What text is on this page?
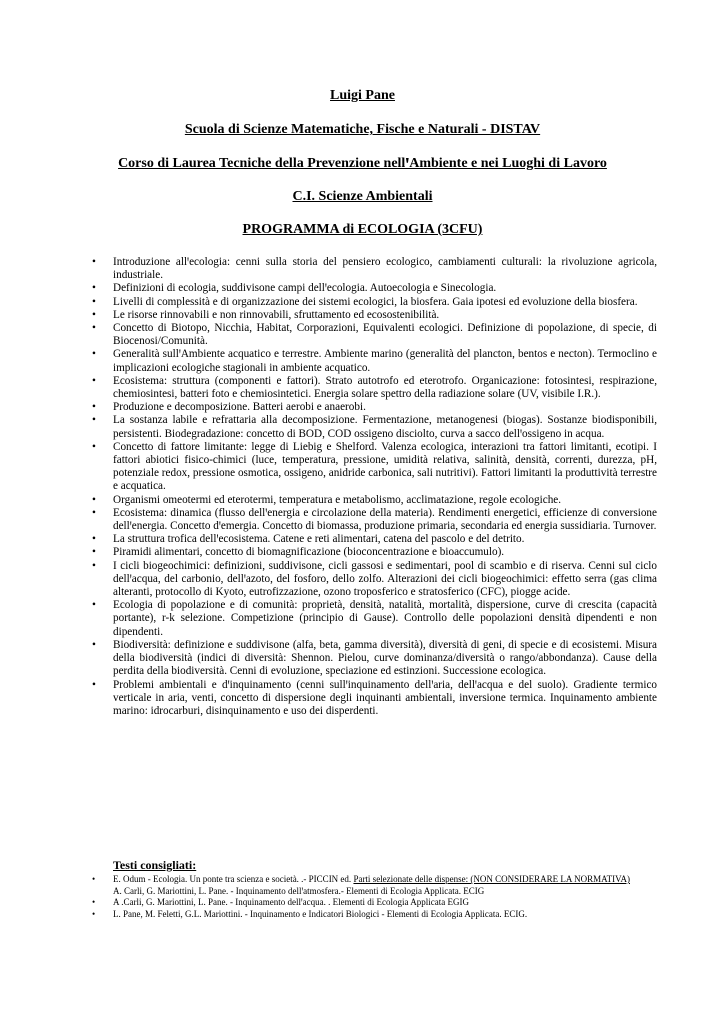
Luigi Pane
Scuola di Scienze Matematiche, Fische e Naturali - DISTAV
Corso di Laurea Tecniche della Prevenzione nellꞌAmbiente e nei Luoghi di Lavoro
C.I. Scienze Ambientali
PROGRAMMA di ECOLOGIA (3CFU)
• Introduzione allꞌecologia: cenni sulla storia del pensiero ecologico, cambiamenti culturali: la rivoluzione agricola, industriale.
• Definizioni di ecologia, suddivisone campi dellꞌecologia. Autoecologia e Sinecologia.
• Livelli di complessità e di organizzazione dei sistemi ecologici, la biosfera. Gaia ipotesi ed evoluzione della biosfera.
• Le risorse rinnovabili e non rinnovabili, sfruttamento ed ecosostenibilità.
• Concetto di Biotopo, Nicchia, Habitat, Corporazioni, Equivalenti ecologici. Definizione di popolazione, di specie, di Biocenosi/Comunità.
• Generalità sullꞌAmbiente acquatico e terrestre. Ambiente marino (generalità del plancton, bentos e necton). Termoclino e implicazioni ecologiche stagionali in ambiente acquatico.
• Ecosistema: struttura (componenti e fattori). Strato autotrofo ed eterotrofo. Organicazione: fotosintesi, respirazione, chemiosintesi, batteri foto e chemiosintetici. Energia solare spettro della radiazione solare (UV, visibile I.R.).
• Produzione e decomposizione. Batteri aerobi e anaerobi.
• La sostanza labile e refrattaria alla decomposizione. Fermentazione, metanogenesi (biogas). Sostanze biodisponibili, persistenti. Biodegradazione: concetto di BOD, COD ossigeno disciolto, curva a sacco dellꞌossigeno in acqua.
• Concetto di fattore limitante: legge di Liebig e Shelford. Valenza ecologica, interazioni tra fattori limitanti, ecotipi. I fattori abiotici fisico-chimici (luce, temperatura, pressione, umidità relativa, salinità, densità, correnti, durezza, pH, potenziale redox, pressione osmotica, ossigeno, anidride carbonica, sali nutritivi). Fattori limitanti la produttività terrestre e acquatica.
• Organismi omeotermi ed eterotermi, temperatura e metabolismo, acclimatazione, regole ecologiche.
• Ecosistema: dinamica (flusso dellꞌenergia e circolazione della materia). Rendimenti energetici, efficienze di conversione dellꞌenergia. Concetto dꞌemergia. Concetto di biomassa, produzione primaria, secondaria ed energia sussidiaria. Turnover.
• La struttura trofica dellꞌecosistema. Catene e reti alimentari, catena del pascolo e del detrito.
• Piramidi alimentari, concetto di biomagnificazione (bioconcentrazione e bioaccumulo).
• I cicli biogeochimici: definizioni, suddivisone, cicli gassosi e sedimentari, pool di scambio e di riserva. Cenni sul ciclo dellꞌacqua, del carbonio, dellꞌazoto, del fosforo, dello zolfo. Alterazioni dei cicli biogeochimici: effetto serra (gas clima alteranti, protocollo di Kyoto, eutrofizzazione, ozono troposferico e stratosferico (CFC), piogge acide.
• Ecologia di popolazione e di comunità: proprietà, densità, natalità, mortalità, dispersione, curve di crescita (capacità portante), r-k selezione. Competizione (principio di Gause). Controllo delle popolazioni densità dipendenti e non dipendenti.
• Biodiversità: definizione e suddivisone (alfa, beta, gamma diversità), diversità di geni, di specie e di ecosistemi. Misura della biodiversità (indici di diversità: Shennon. Pielou, curve dominanza/diversità o rango/abbondanza). Cause della perdita della biodiversità. Cenni di evoluzione, speciazione ed estinzioni. Successione ecologica.
• Problemi ambientali e dꞌinquinamento (cenni sullꞌinquinamento dellꞌaria, dellꞌacqua e del suolo). Gradiente termico verticale in aria, venti, concetto di dispersione degli inquinanti ambientali, inversione termica. Inquinamento ambiente marino: idrocarburi, disinquinamento e uso dei disperdenti.
Testi consigliati:
• E. Odum - Ecologia. Un ponte tra scienza e società. .- PICCIN ed. Parti selezionate delle dispense: (NON CONSIDERARE LA NORMATIVA) A. Carli, G. Mariottini, L. Pane. - Inquinamento dellꞌatmosfera.- Elementi di Ecologia Applicata. ECIG
• A .Carli, G. Mariottini, L. Pane. - Inquinamento dellꞌacqua. . Elementi di Ecologia Applicata EGIG
• L. Pane, M. Feletti, G.L. Mariottini. - Inquinamento e Indicatori Biologici - Elementi di Ecologia Applicata. ECIG.
